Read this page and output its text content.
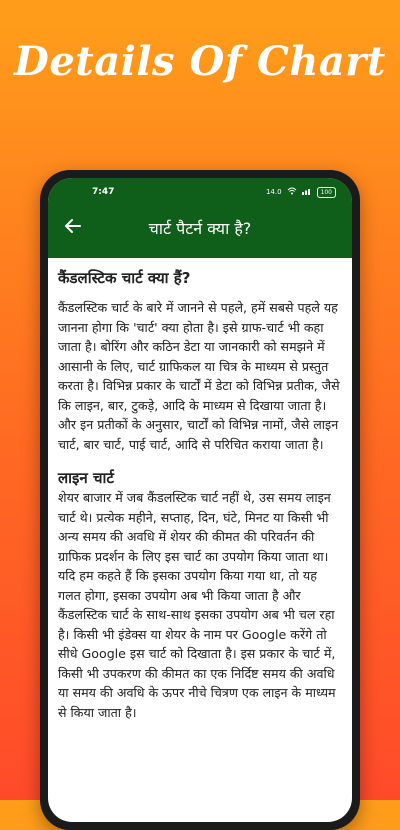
Details Of Chart
7:47	14.0	100
चार्ट पैटर्न क्या है?
कैंडलस्टिक चार्ट क्या हैं?
कैंडलस्टिक चार्ट के बारे में जानने से पहले, हमें सबसे पहले यह जानना होगा कि 'चार्ट' क्या होता है। इसे ग्राफ-चार्ट भी कहा जाता है। बोरिंग और कठिन डेटा या जानकारी को समझने में आसानी के लिए, चार्ट ग्राफिकल या चित्र के माध्यम से प्रस्तुत करता है। विभिन्न प्रकार के चार्टों में डेटा को विभिन्न प्रतीक, जैसे कि लाइन, बार, टुकड़े, आदि के माध्यम से दिखाया जाता है। और इन प्रतीकों के अनुसार, चार्टों को विभिन्न नामों, जैसे लाइन चार्ट, बार चार्ट, पाई चार्ट, आदि से परिचित कराया जाता है।
लाइन चार्ट
शेयर बाजार में जब कैंडलस्टिक चार्ट नहीं थे, उस समय लाइन चार्ट थे। प्रत्येक महीने, सप्ताह, दिन, घंटे, मिनट या किसी भी अन्य समय की अवधि में शेयर की कीमत की परिवर्तन की ग्राफिक प्रदर्शन के लिए इस चार्ट का उपयोग किया जाता था। यदि हम कहते हैं कि इसका उपयोग किया गया था, तो यह गलत होगा, इसका उपयोग अब भी किया जाता है और कैंडलस्टिक चार्ट के साथ-साथ इसका उपयोग अब भी चल रहा है। किसी भी इंडेक्स या शेयर के नाम पर Google करेंगे तो सीधे Google इस चार्ट को दिखाता है। इस प्रकार के चार्ट में, किसी भी उपकरण की कीमत का एक निर्दिष्ट समय की अवधि या समय की अवधि के ऊपर नीचे चित्रण एक लाइन के माध्यम से किया जाता है।
